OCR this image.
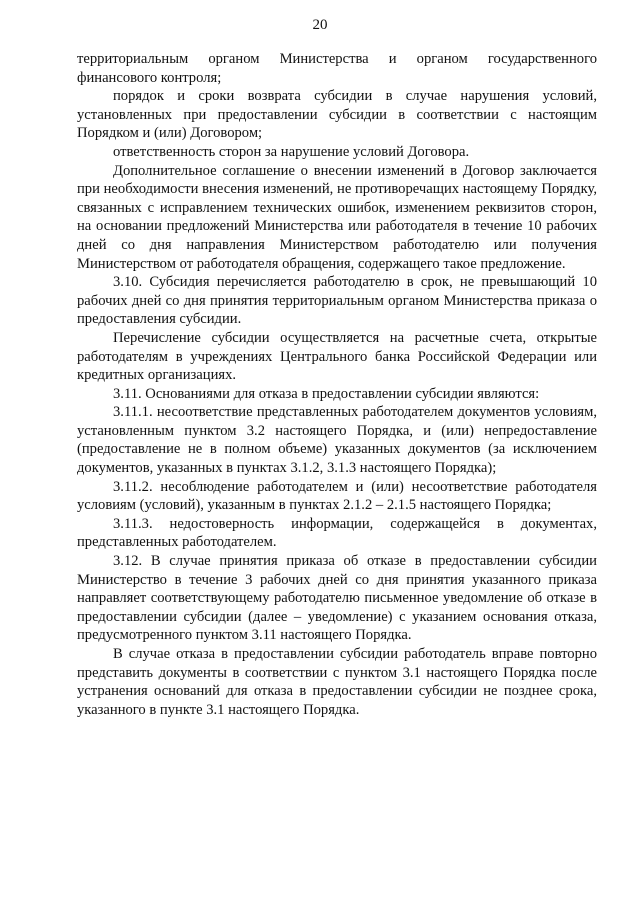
20

территориальным органом Министерства и органом государственного финансового контроля;

порядок и сроки возврата субсидии в случае нарушения условий, установленных при предоставлении субсидии в соответствии с настоящим Порядком и (или) Договором;

ответственность сторон за нарушение условий Договора.

Дополнительное соглашение о внесении изменений в Договор заключается при необходимости внесения изменений, не противоречащих настоящему Порядку, связанных с исправлением технических ошибок, изменением реквизитов сторон, на основании предложений Министерства или работодателя в течение 10 рабочих дней со дня направления Министерством работодателю или получения Министерством от работодателя обращения, содержащего такое предложение.

3.10. Субсидия перечисляется работодателю в срок, не превышающий 10 рабочих дней со дня принятия территориальным органом Министерства приказа о предоставления субсидии.

Перечисление субсидии осуществляется на расчетные счета, открытые работодателям в учреждениях Центрального банка Российской Федерации или кредитных организациях.

3.11. Основаниями для отказа в предоставлении субсидии являются:

3.11.1. несоответствие представленных работодателем документов условиям, установленным пунктом 3.2 настоящего Порядка, и (или) непредоставление (предоставление не в полном объеме) указанных документов (за исключением документов, указанных в пунктах 3.1.2, 3.1.3 настоящего Порядка);

3.11.2. несоблюдение работодателем и (или) несоответствие работодателя условиям (условий), указанным в пунктах 2.1.2 – 2.1.5 настоящего Порядка;

3.11.3. недостоверность информации, содержащейся в документах, представленных работодателем.

3.12. В случае принятия приказа об отказе в предоставлении субсидии Министерство в течение 3 рабочих дней со дня принятия указанного приказа направляет соответствующему работодателю письменное уведомление об отказе в предоставлении субсидии (далее – уведомление) с указанием основания отказа, предусмотренного пунктом 3.11 настоящего Порядка.

В случае отказа в предоставлении субсидии работодатель вправе повторно представить документы в соответствии с пунктом 3.1 настоящего Порядка после устранения оснований для отказа в предоставлении субсидии не позднее срока, указанного в пункте 3.1 настоящего Порядка.
